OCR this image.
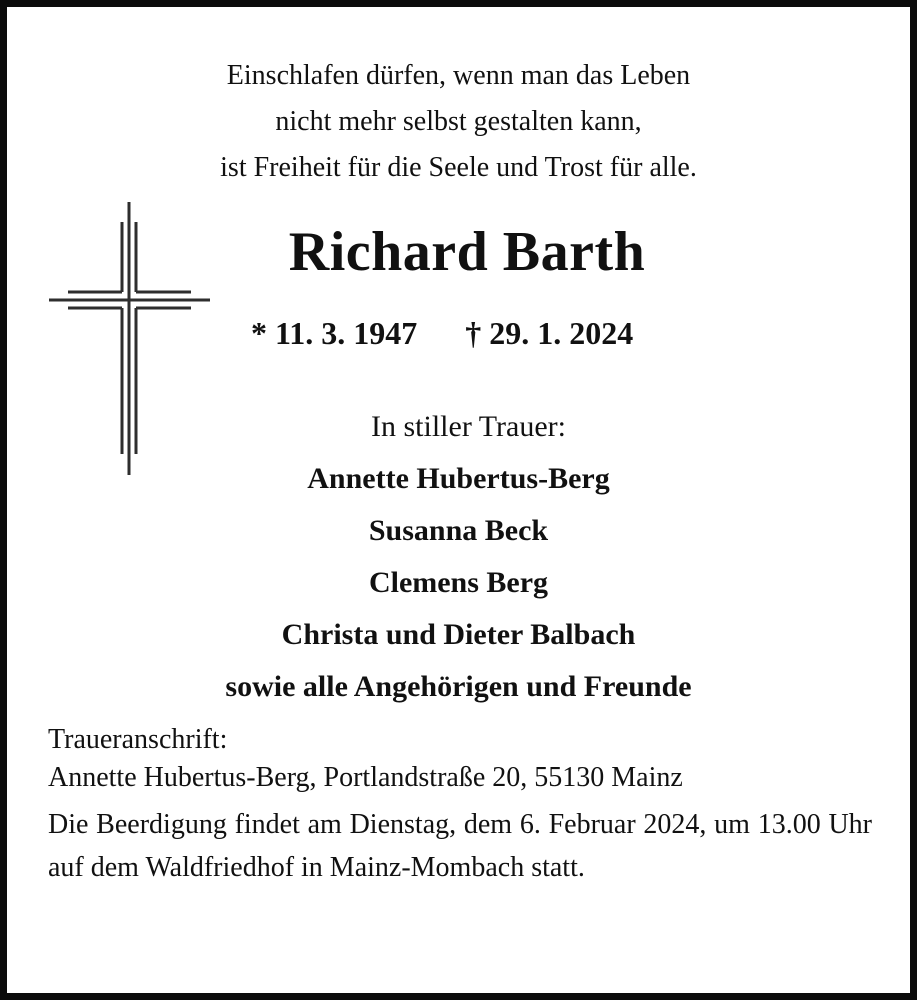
Einschlafen dürfen, wenn man das Leben
nicht mehr selbst gestalten kann,
ist Freiheit für die Seele und Trost für alle.
Richard Barth
* 11. 3. 1947 † 29. 1. 2024
In stiller Trauer:
Annette Hubertus-Berg
Susanna Beck
Clemens Berg
Christa und Dieter Balbach
sowie alle Angehörigen und Freunde
Traueranschrift:
Annette Hubertus-Berg, Portlandstraße 20, 55130 Mainz
Die Beerdigung findet am Dienstag, dem 6. Februar 2024, um 13.00 Uhr auf dem Waldfriedhof in Mainz-Mombach statt.
